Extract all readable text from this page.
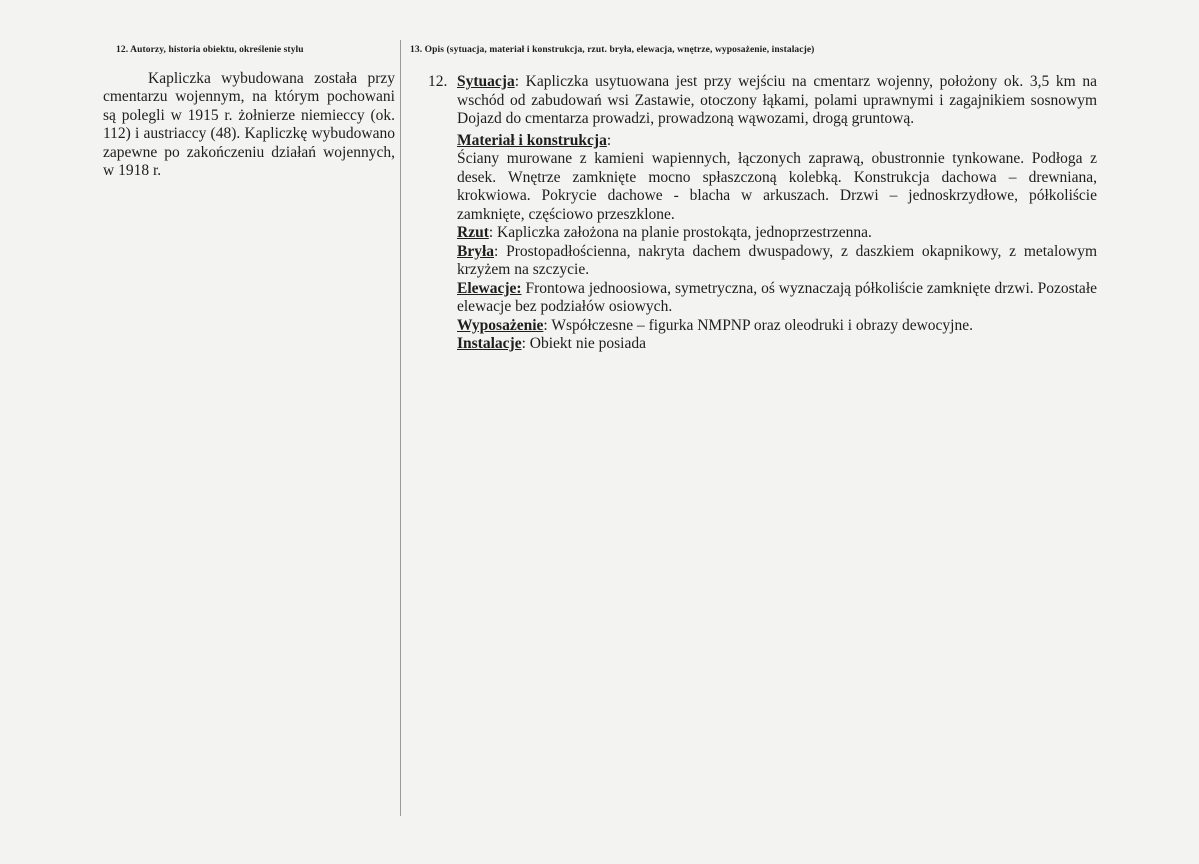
12. Autorzy, historia obiektu, określenie stylu	13. Opis (sytuacja, materiał i konstrukcja, rzut. bryła, elewacja, wnętrze, wyposażenie, instalacje)
Kapliczka wybudowana została przy cmentarzu wojennym, na którym pochowani są polegli w 1915 r. żołnierze niemieccy (ok. 112) i austriaccy (48). Kapliczkę wybudowano zapewne po zakończeniu działań wojennych, w 1918 r.
12. Sytuacja: Kapliczka usytuowana jest przy wejściu na cmentarz wojenny, położony ok. 3,5 km na wschód od zabudowań wsi Zastawie, otoczony łąkami, polami uprawnymi i zagajnikiem sosnowym Dojazd do cmentarza prowadzi, prowadzoną wąwozami, drogą gruntową.

Materiał i konstrukcja:
Ściany murowane z kamieni wapiennych, łączonych zaprawą, obustronnie tynkowane. Podłoga z desek. Wnętrze zamknięte mocno spłaszczoną kolebką. Konstrukcja dachowa – drewniana, krokwiowa. Pokrycie dachowe - blacha w arkuszach. Drzwi – jednoskrzydłowe, półkoliście zamknięte, częściowo przeszklone.

Rzut: Kapliczka założona na planie prostokąta, jednoprzestrzenna.

Bryła: Prostopadłościenna, nakryta dachem dwuspadowy, z daszkiem okapnikowy, z metalowym krzyżem na szczycie.

Elewacje: Frontowa jednoosiowa, symetryczna, oś wyznaczają półkoliście zamknięte drzwi. Pozostałe elewacje bez podziałów osiowych.

Wyposażenie: Współczesne – figurka NMPNP oraz oleodruki i obrazy dewocyjne.

Instalacje: Obiekt nie posiada
